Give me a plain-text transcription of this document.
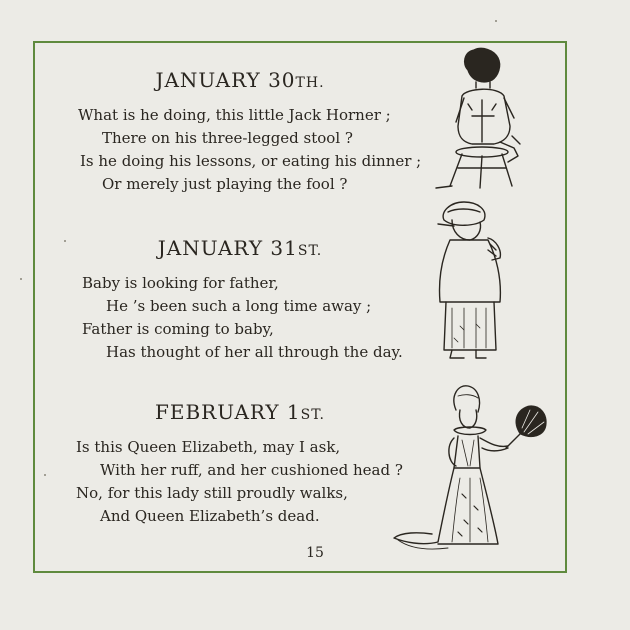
JANUARY 30TH.
What is he doing, this little Jack Horner ;
There on his three-legged stool ?
Is he doing his lessons, or eating his dinner ;
Or merely just playing the fool ?
JANUARY 31ST.
Baby is looking for father,
He ’s been such a long time away ;
Father is coming to baby,
Has thought of her all through the day.
FEBRUARY 1ST.
Is this Queen Elizabeth, may I ask,
With her ruff, and her cushioned head ?
No, for this lady still proudly walks,
And Queen Elizabeth’s dead.
15
